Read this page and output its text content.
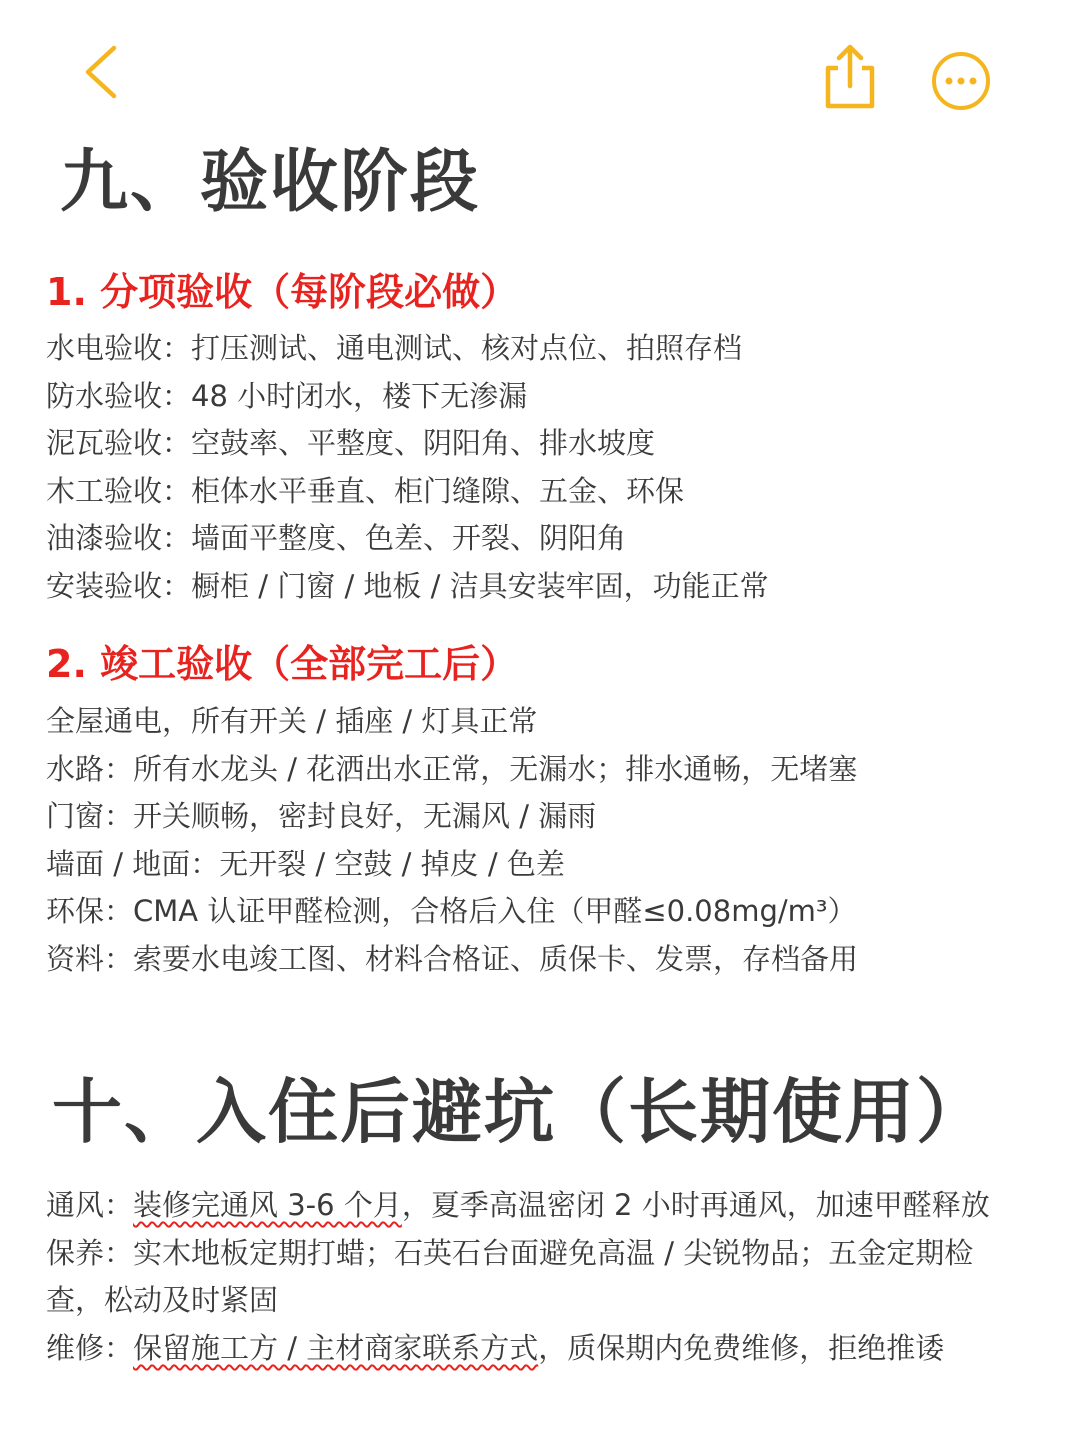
九、验收阶段
1. 分项验收（每阶段必做）
水电验收：打压测试、通电测试、核对点位、拍照存档
防水验收：48 小时闭水，楼下无渗漏
泥瓦验收：空鼓率、平整度、阴阳角、排水坡度
木工验收：柜体水平垂直、柜门缝隙、五金、环保
油漆验收：墙面平整度、色差、开裂、阴阳角
安装验收：橱柜 / 门窗 / 地板 / 洁具安装牢固，功能正常
2. 竣工验收（全部完工后）
全屋通电，所有开关 / 插座 / 灯具正常
水路：所有水龙头 / 花洒出水正常，无漏水；排水通畅，无堵塞
门窗：开关顺畅，密封良好，无漏风 / 漏雨
墙面 / 地面：无开裂 / 空鼓 / 掉皮 / 色差
环保：CMA 认证甲醛检测，合格后入住（甲醛≤0.08mg/m³）
资料：索要水电竣工图、材料合格证、质保卡、发票，存档备用
十、入住后避坑（长期使用）
通风：装修完通风 3-6 个月，夏季高温密闭 2 小时再通风，加速甲醛释放
保养：实木地板定期打蜡；石英石台面避免高温 / 尖锐物品；五金定期检查，松动及时紧固
维修：保留施工方 / 主材商家联系方式，质保期内免费维修，拒绝推诿
